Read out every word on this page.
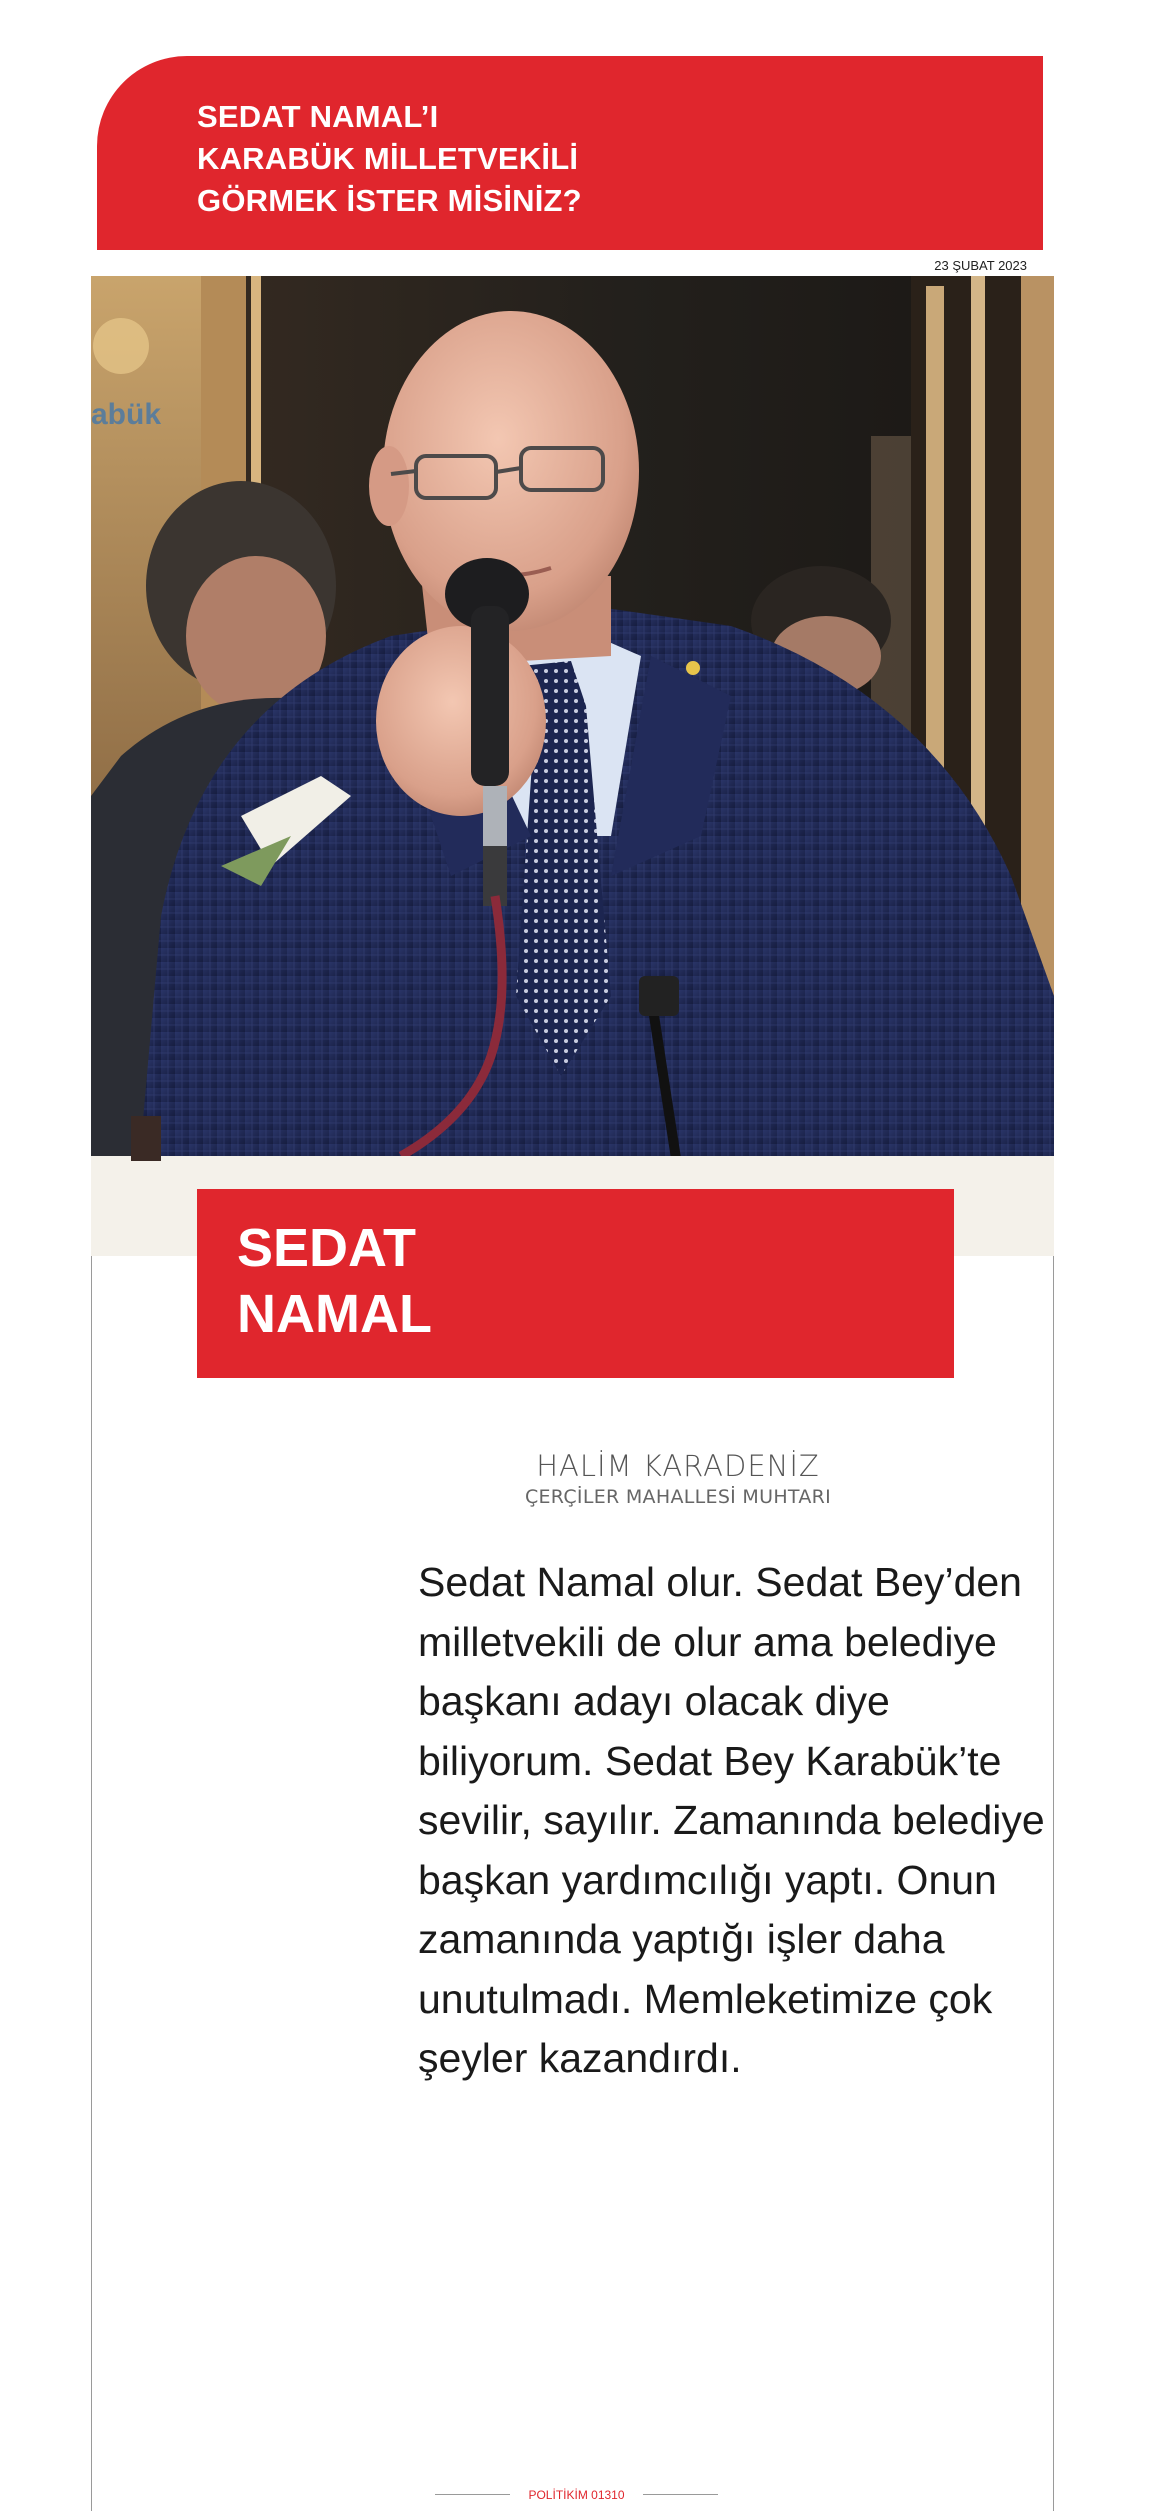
SEDAT NAMAL’I
KARABÜK MİLLETVEKİLİ
GÖRMEK İSTER MİSİNİZ?
23 ŞUBAT 2023
abük
SEDAT
NAMAL
HALİM KARADENİZ
ÇERÇİLER MAHALLESİ MUHTARI

Sedat Namal olur. Sedat Bey’den
milletvekili de olur ama belediye
başkanı adayı olacak diye
biliyorum. Sedat Bey Karabük’te
sevilir, sayılır. Zamanında belediye
başkan yardımcılığı yaptı. Onun
zamanında yaptığı işler daha
unutulmadı. Memleketimize çok
şeyler kazandırdı.

POLİTİKİM 01310
